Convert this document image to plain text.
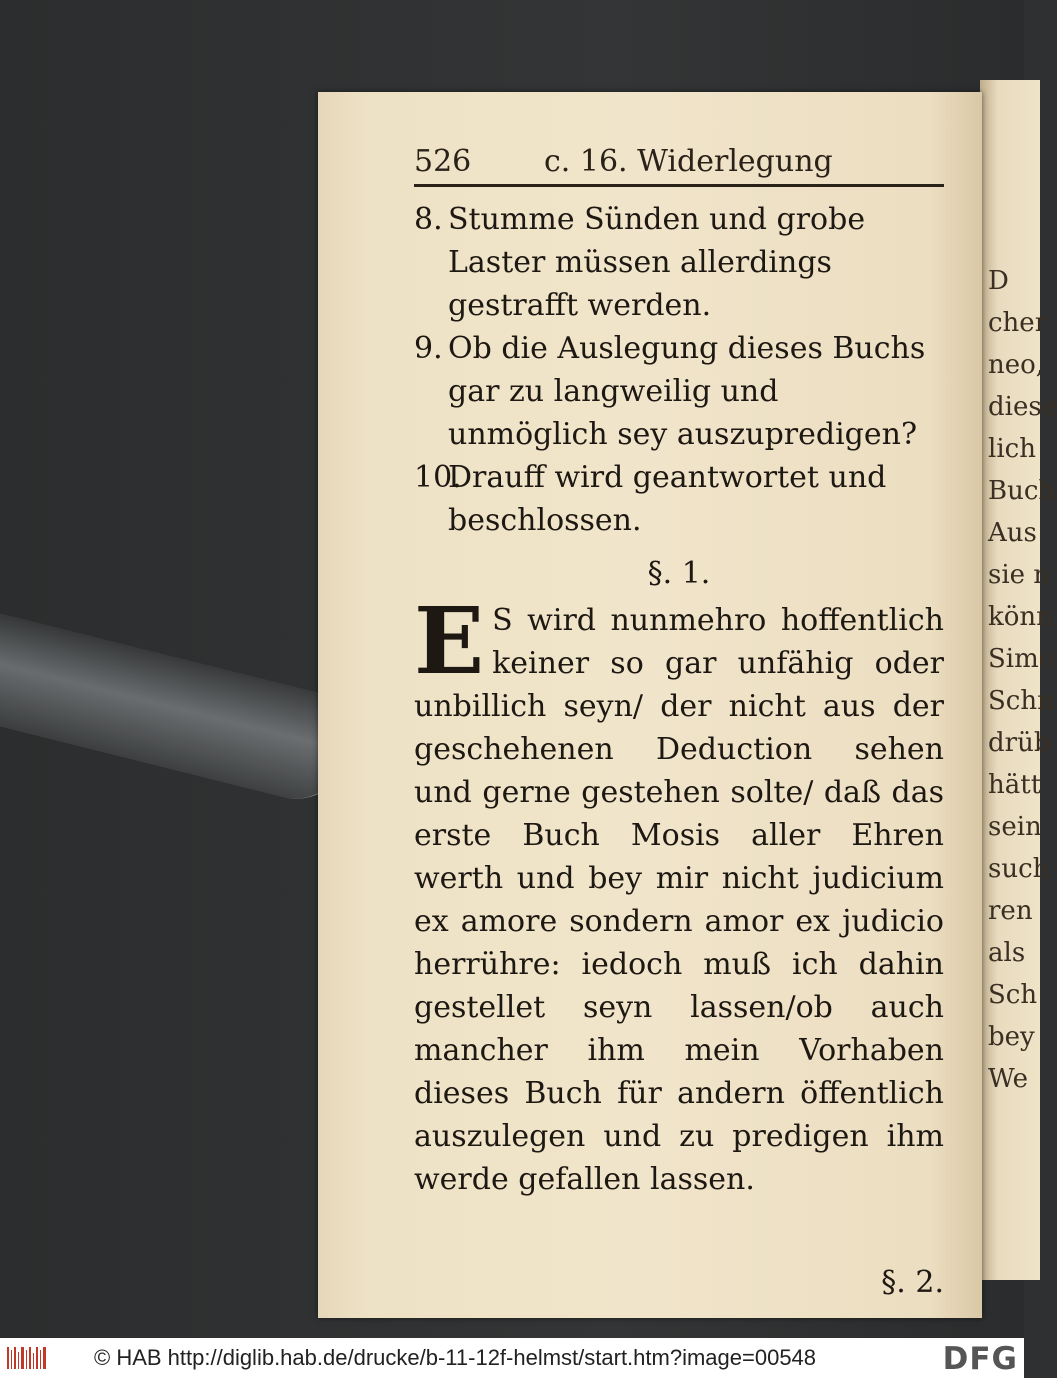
D
cher
neo,
diese
lich
Buch
Aus
sie n
könn
Simo
Schn
drüb
hätt
sein
such
ren
als
Sch
bey
We
526 c. 16. Widerlegung
8. Stumme Sünden und grobe Laster müssen allerdings gestrafft werden.
9. Ob die Auslegung dieses Buchs gar zu langweilig und unmöglich sey auszupredigen?
10.
Drauff wird geantwortet und beschlossen.
§. 1.
E S wird nunmehro hoffentlich keiner so gar unfähig oder unbillich seyn/ der nicht aus der geschehenen Deduction sehen und gerne gestehen solte/ daß das erste Buch Mosis aller Ehren werth und bey mir nicht judicium ex amore sondern amor ex judicio herrühre: iedoch muß ich dahin gestellet seyn lassen/ob auch mancher ihm mein Vorhaben dieses Buch für andern öffentlich auszulegen und zu predigen ihm werde gefallen lassen.
§. 2.
© HAB http://diglib.hab.de/drucke/b-11-12f-helmst/start.htm?image=00548	DFG
